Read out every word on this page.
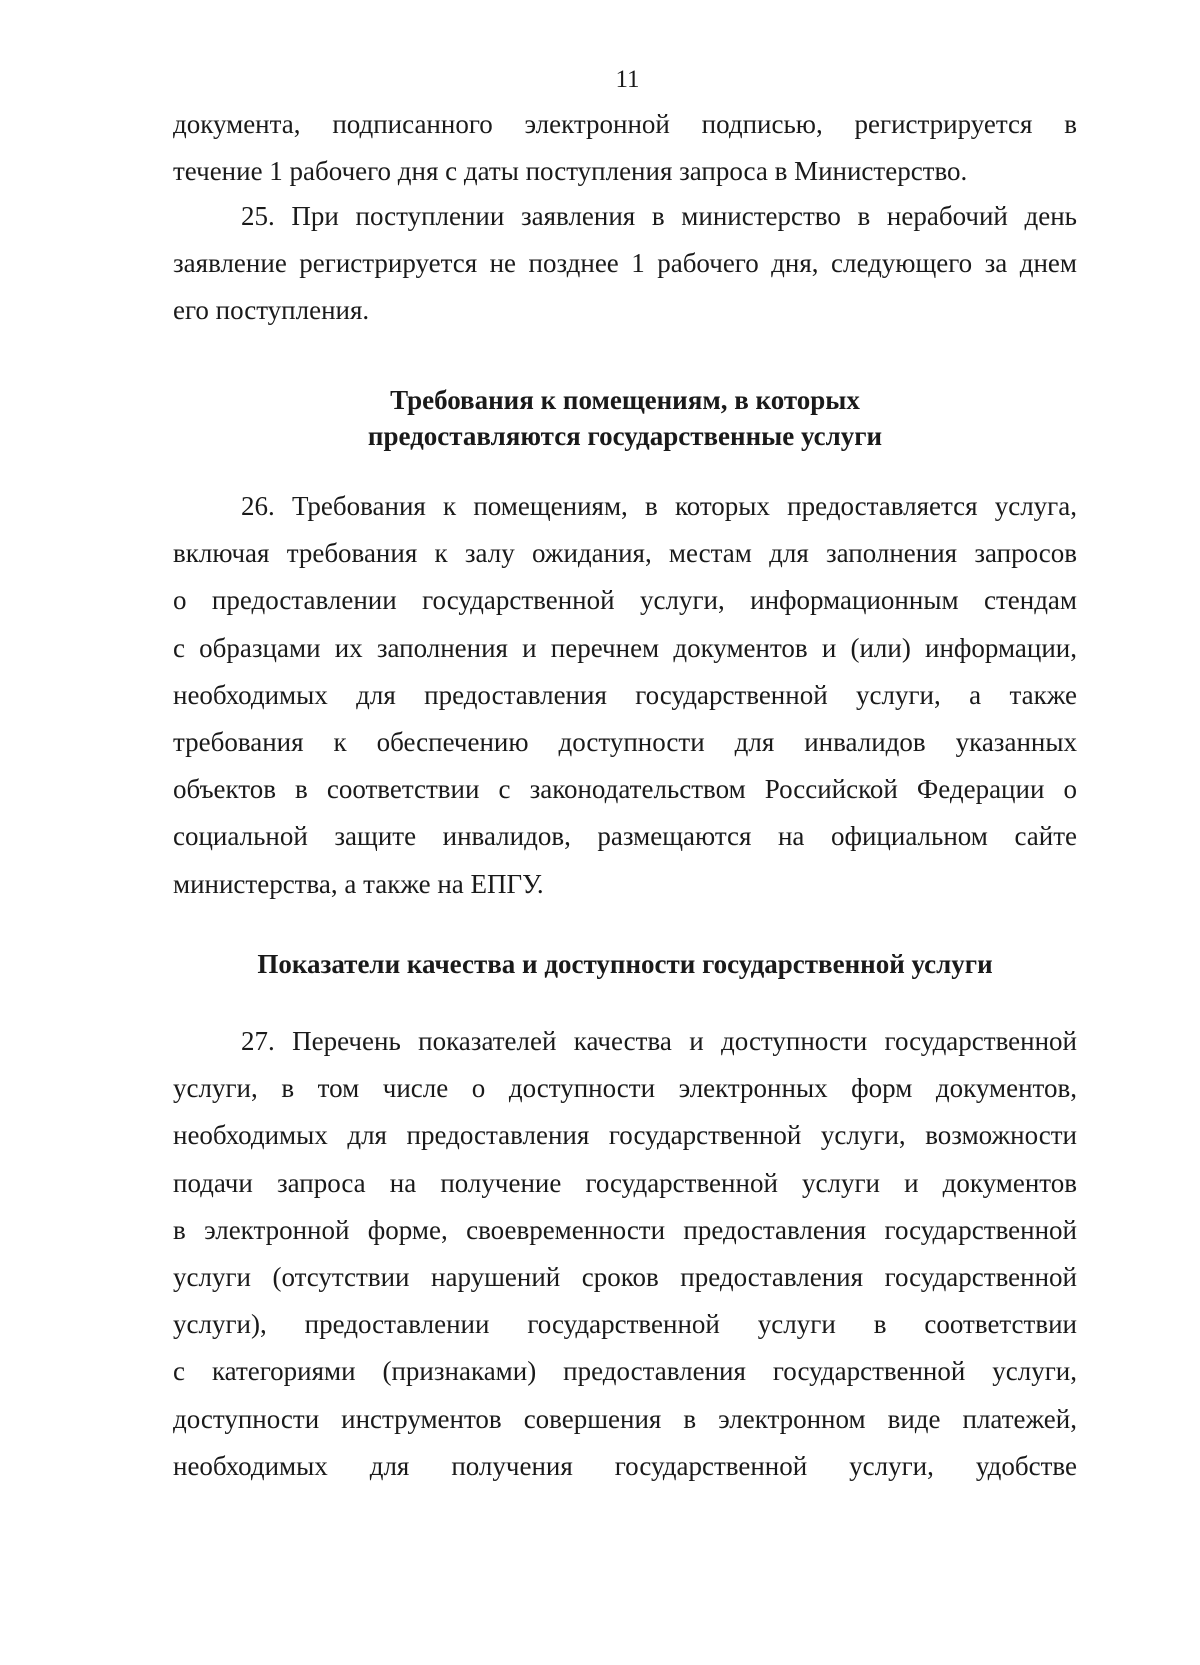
11
документа, подписанного электронной подписью, регистрируется в
течение 1 рабочего дня с даты поступления запроса в Министерство.
25. При поступлении заявления в министерство в нерабочий день
заявление регистрируется не позднее 1 рабочего дня, следующего за днем
его поступления.
Требования к помещениям, в которых
предоставляются государственные услуги
26. Требования к помещениям, в которых предоставляется услуга,
включая требования к залу ожидания, местам для заполнения запросов
о предоставлении государственной услуги, информационным стендам
с образцами их заполнения и перечнем документов и (или) информации,
необходимых для предоставления государственной услуги, а также
требования к обеспечению доступности для инвалидов указанных
объектов в соответствии с законодательством Российской Федерации о
социальной защите инвалидов, размещаются на официальном сайте
министерства, а также на ЕПГУ.
Показатели качества и доступности государственной услуги
27. Перечень показателей качества и доступности государственной
услуги, в том числе о доступности электронных форм документов,
необходимых для предоставления государственной услуги, возможности
подачи запроса на получение государственной услуги и документов
в электронной форме, своевременности предоставления государственной
услуги (отсутствии нарушений сроков предоставления государственной
услуги), предоставлении государственной услуги в соответствии
с категориями (признаками) предоставления государственной услуги,
доступности инструментов совершения в электронном виде платежей,
необходимых для получения государственной услуги, удобстве
